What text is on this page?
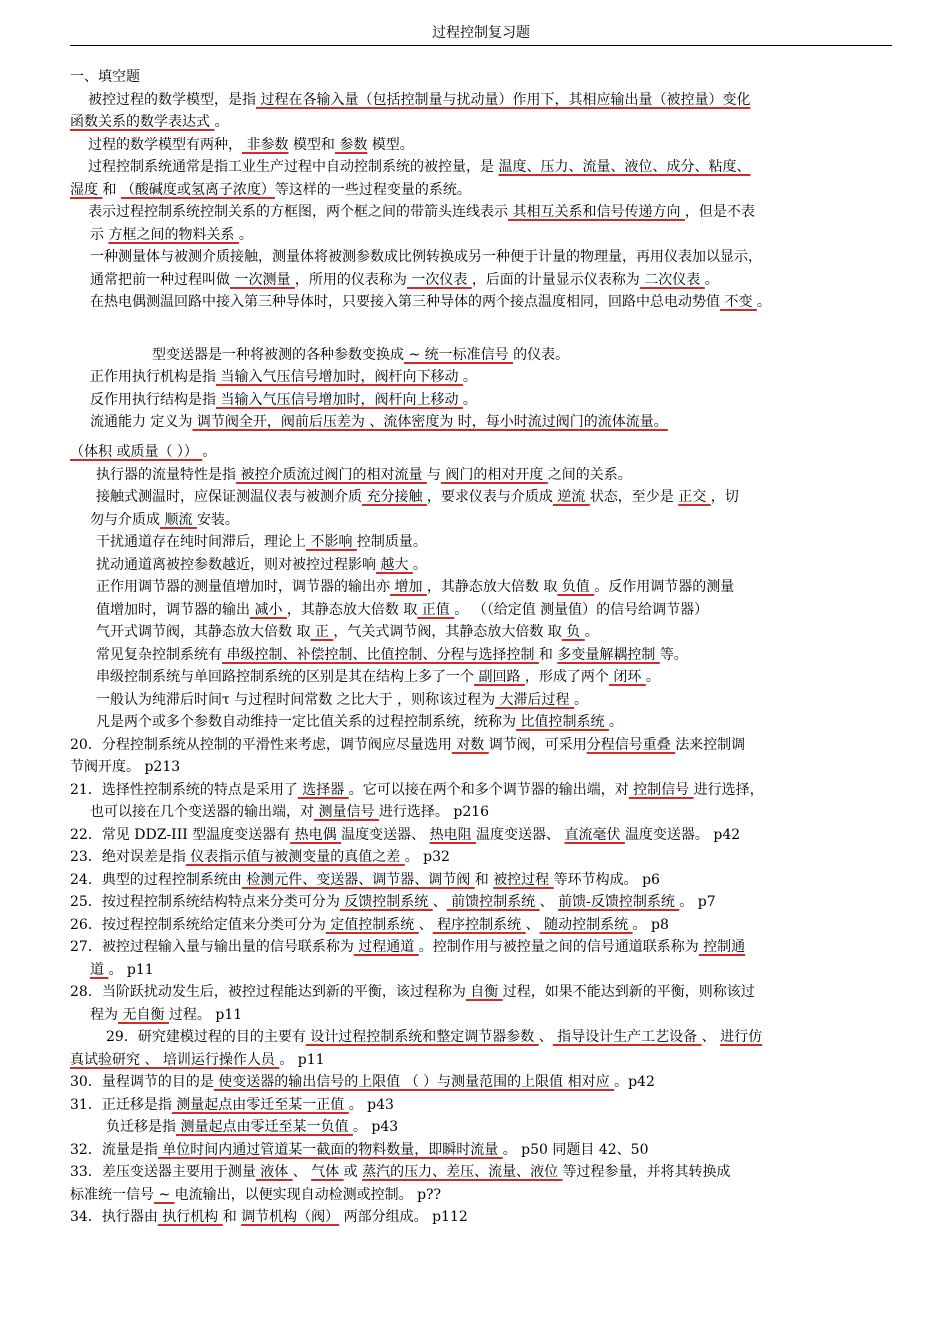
过程控制复习题
一、填空题
被控过程的数学模型，是指 过程在各输入量（包括控制量与扰动量）作用下，其相应输出量（被控量）变化
函数关系的数学表达式 。
过程的数学模型有两种， 非参数 模型和 参数 模型。
过程控制系统通常是指工业生产过程中自动控制系统的被控量，是 温度、压力、流量、液位、成分、粘度、
湿度 和 （酸碱度或氢离子浓度）等这样的一些过程变量的系统。
表示过程控制系统控制关系的方框图，两个框之间的带箭头连线表示 其相互关系和信号传递方向 ，但是不表
示 方框之间的物料关系 。
一种测量体与被测介质接触，测量体将被测参数成比例转换成另一种便于计量的物理量，再用仪表加以显示，
通常把前一种过程叫做 一次测量 ，所用的仪表称为 一次仪表 ，后面的计量显示仪表称为 二次仪表 。
在热电偶测温回路中接入第三种导体时，只要接入第三种导体的两个接点温度相同，回路中总电动势值 不变 。
型变送器是一种将被测的各种参数变换成 ~ 统一标准信号 的仪表。
正作用执行机构是指 当输入气压信号增加时，阀杆向下移动 。
反作用执行结构是指 当输入气压信号增加时，阀杆向上移动 。
流通能力 定义为 调节阀全开，阀前后压差为 、流体密度为 时，每小时流过阀门的流体流量。
（体积 或质量（ ）） 。
执行器的流量特性是指 被控介质流过阀门的相对流量 与 阀门的相对开度 之间的关系。
接触式测温时，应保证测温仪表与被测介质 充分接触 ，要求仪表与介质成 逆流 状态，至少是 正交 ，切
勿与介质成 顺流 安装。
干扰通道存在纯时间滞后，理论上 不影响 控制质量。
扰动通道离被控参数越近，则对被控过程影响 越大 。
正作用调节器的测量值增加时，调节器的输出亦 增加 ，其静态放大倍数 取 负值 。反作用调节器的测量
值增加时，调节器的输出 减小 ，其静态放大倍数 取 正值 。 （（给定值 测量值）的信号给调节器）
气开式调节阀，其静态放大倍数 取 正 ，气关式调节阀，其静态放大倍数 取 负 。
常见复杂控制系统有 串级控制、补偿控制、比值控制、分程与选择控制 和 多变量解耦控制 等。
串级控制系统与单回路控制系统的区别是其在结构上多了一个 副回路 ，形成了两个 闭环 。
一般认为纯滞后时间τ 与过程时间常数 之比大于 ，则称该过程为 大滞后过程 。
凡是两个或多个参数自动维持一定比值关系的过程控制系统，统称为 比值控制系统 。
20．分程控制系统从控制的平滑性来考虑，调节阀应尽量选用 对数 调节阀，可采用分程信号重叠 法来控制调
节阀开度。 p213
21．选择性控制系统的特点是采用了 选择器 。它可以接在两个和多个调节器的输出端，对 控制信号 进行选择，
也可以接在几个变送器的输出端，对 测量信号 进行选择。 p216
22．常见 DDZ-III 型温度变送器有 热电偶 温度变送器、 热电阻 温度变送器、 直流毫伏 温度变送器。 p42
23．绝对误差是指 仪表指示值与被测变量的真值之差 。 p32
24．典型的过程控制系统由 检测元件、变送器、调节器、调节阀 和 被控过程 等环节构成。 p6
25．按过程控制系统结构特点来分类可分为 反馈控制系统 、 前馈控制系统 、 前馈-反馈控制系统 。 p7
26．按过程控制系统给定值来分类可分为 定值控制系统 、 程序控制系统 、 随动控制系统 。 p8
27．被控过程输入量与输出量的信号联系称为 过程通道 。控制作用与被控量之间的信号通道联系称为 控制通
道 。 p11
28．当阶跃扰动发生后，被控过程能达到新的平衡，该过程称为 自衡 过程，如果不能达到新的平衡，则称该过
程为 无自衡 过程。 p11
29．研究建模过程的目的主要有 设计过程控制系统和整定调节器参数 、 指导设计生产工艺设备 、 进行仿
真试验研究 、 培训运行操作人员 。 p11
30．量程调节的目的是 使变送器的输出信号的上限值 （ ）与测量范围的上限值 相对应 。p42
31．正迁移是指 测量起点由零迁至某一正值 。 p43
负迁移是指 测量起点由零迁至某一负值 。 p43
32．流量是指 单位时间内通过管道某一截面的物料数量，即瞬时流量 。 p50 同题目 42、50
33．差压变送器主要用于测量 液体 、 气体 或 蒸汽的压力、差压、流量、液位 等过程参量，并将其转换成
标准统一信号 ~ 电流输出，以便实现自动检测或控制。 p??
34．执行器由 执行机构 和 调节机构（阀） 两部分组成。 p112
